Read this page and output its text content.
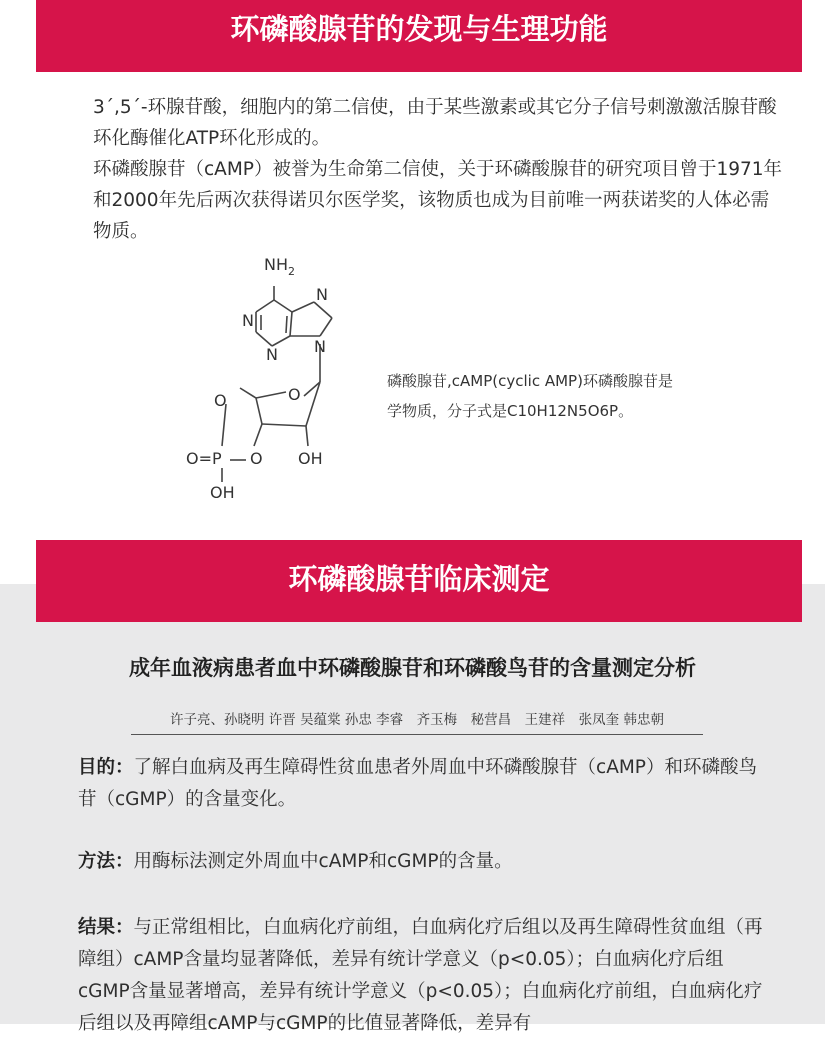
环磷酸腺苷的发现与生理功能

3´,5´-环腺苷酸，细胞内的第二信使，由于某些激素或其它分子信号刺激激活腺苷酸环化酶催化ATP环化形成的。

环磷酸腺苷（cAMP）被誉为生命第二信使，关于环磷酸腺苷的研究项目曾于1971年和2000年先后两次获得诺贝尔医学奖，该物质也成为目前唯一两获诺奖的人体必需物质。

$NH_2$
N
N
N
N
O
O
O=P O OH
OH

磷酸腺苷,cAMP(cyclic AMP)环磷酸腺苷是
学物质，分子式是C10H12N5O6P。

环磷酸腺苷临床测定
成年血液病患者血中环磷酸腺苷和环磷酸鸟苷的含量测定分析
许子亮、孙晓明 许晋 吴蕴棠 孙忠 李睿　齐玉梅　秘营昌　王建祥　张凤奎 韩忠朝

目的：了解白血病及再生障碍性贫血患者外周血中环磷酸腺苷（cAMP）和环磷酸鸟苷（cGMP）的含量变化。

方法：用酶标法测定外周血中cAMP和cGMP的含量。

结果：与正常组相比，白血病化疗前组，白血病化疗后组以及再生障碍性贫血组（再障组）cAMP含量均显著降低，差异有统计学意义（p<0.05）；白血病化疗后组cGMP含量显著增高，差异有统计学意义（p<0.05）；白血病化疗前组，白血病化疗后组以及再障组cAMP与cGMP的比值显著降低，差异有
